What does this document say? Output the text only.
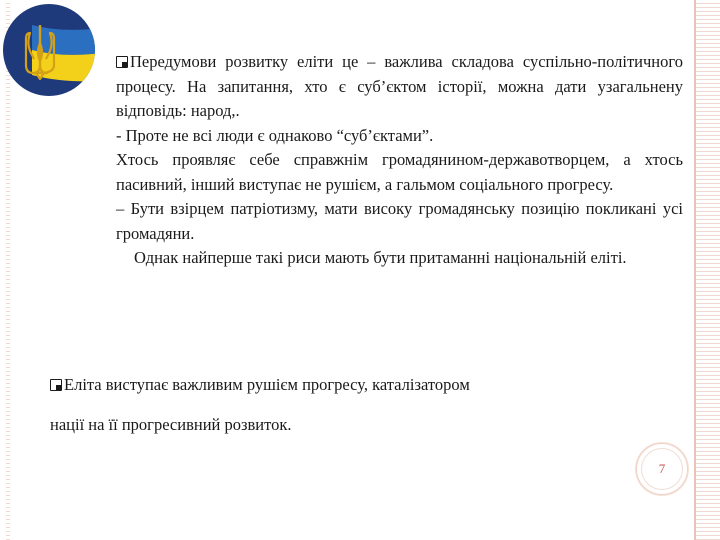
Передумови розвитку еліти це – важлива складова суспільно-політичного процесу. На запитання, хто є суб’єктом історії, можна дати узагальнену відповідь: народ,.

- Проте не всі люди є однаково “суб’єктами”.

Хтось проявляє себе справжнім громадянином-державотворцем, а хтось пасивний, інший виступає не рушієм, а гальмом соціального прогресу.

– Бути взірцем патріотизму, мати високу громадянську позицію покликані усі громадяни.

Однак найперше такі риси мають бути притаманні національній еліті.

Еліта виступає важливим рушієм прогресу, каталізатором
нації на її прогресивний розвиток.
7
